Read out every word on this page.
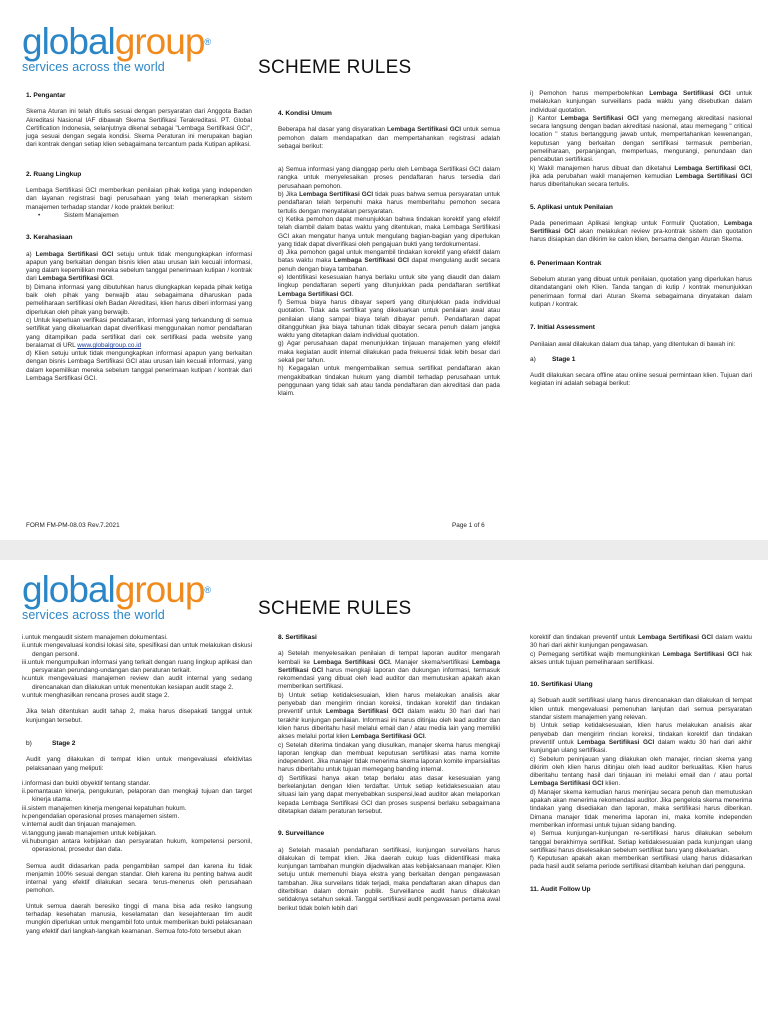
globalgroup®
services across the world	SCHEME RULES
1. Pengantar

Skema Aturan ini telah ditulis sesuai dengan persyaratan dari Anggota Badan Akreditasi Nasional IAF dibawah Skema Sertifikasi Terakreditasi. PT. Global Certification Indonesia, selanjutnya dikenal sebagai "Lembaga Sertifikasi GCI", juga sesuai dengan segala kondisi. Skema Peraturan ini merupakan bagian dari kontrak dengan setiap klien sebagaimana tercantum pada Kutipan aplikasi.

2. Ruang Lingkup

Lembaga Sertifikasi GCI memberikan penilaian pihak ketiga yang independen dan layanan registrasi bagi perusahaan yang telah menerapkan sistem manajemen terhadap standar / kode praktek berikut:

•	Sistem Manajemen
3. Kerahasiaan

a) Lembaga Sertifikasi GCI setuju untuk tidak mengungkapkan informasi apapun yang berkaitan dengan bisnis klien atau urusan lain kecuali informasi, yang dalam kepemilikan mereka sebelum tanggal penerimaan kutipan / kontrak dari Lembaga Sertifikasi GCI.

b) Dimana informasi yang dibutuhkan harus diungkapkan kepada pihak ketiga baik oleh pihak yang berwajib atau sebagaimana diharuskan pada pemeliharaan sertifikasi oleh Badan Akreditasi, klien harus diberi informasi yang diperlukan oleh pihak yang berwajib.

c) Untuk keperluan verifikasi pendaftaran, informasi yang terkandung di semua sertifikat yang dikeluarkan dapat diverifikasi menggunakan nomor pendaftaran yang ditampilkan pada sertifikat dari cek sertifikasi pada website yang beralamat di URL www.globalgroup.co.id

d) Klien setuju untuk tidak mengungkapkan informasi apapun yang berkaitan dengan bisnis Lembaga Sertifikasi GCI atau urusan lain kecuali informasi, yang dalam kepemilikan mereka sebelum tanggal penerimaan kutipan / kontrak dari Lembaga Sertifikasi GCI.

4. Kondisi Umum

Beberapa hal dasar yang disyaratkan Lembaga Sertifikasi GCI untuk semua pemohon dalam mendapatkan dan mempertahankan registrasi adalah sebagai berikut:

a) Semua informasi yang dianggap perlu oleh Lembaga Sertifikasi GCI dalam rangka untuk menyelesaikan proses pendaftaran harus tersedia dari perusahaan pemohon.

b) Jika Lembaga Sertifikasi GCI tidak puas bahwa semua persyaratan untuk pendaftaran telah terpenuhi maka harus memberitahu pemohon secara tertulis dengan menyatakan persyaratan.

c) Ketika pemohon dapat menunjukkan bahwa tindakan korektif yang efektif telah diambil dalam batas waktu yang ditentukan, maka Lembaga Sertifikasi GCI akan mengatur hanya untuk mengulang bagian-bagian yang diperlukan yang tidak dapat diverifikasi oleh pengajuan bukti yang terdokumentasi.

d) Jika pemohon gagal untuk mengambil tindakan korektif yang efektif dalam batas waktu maka Lembaga Sertifikasi GCI dapat mengulang audit secara penuh dengan biaya tambahan.

e) Identifikasi kesesuaian hanya berlaku untuk site yang diaudit dan dalam lingkup pendaftaran seperti yang ditunjukkan pada pendaftaran sertifikat Lembaga Sertifikasi GCI.

f) Semua biaya harus dibayar seperti yang ditunjukkan pada individual quotation. Tidak ada sertifikat yang dikeluarkan untuk penilaian awal atau penilaian ulang sampai biaya telah dibayar penuh. Pendaftaran dapat ditangguhkan jika biaya tahunan tidak dibayar secara penuh dalam jangka waktu yang ditetapkan dalam individual quotation.

g) Agar perusahaan dapat menunjukkan tinjauan manajemen yang efektif maka kegiatan audit internal dilakukan pada frekuensi tidak lebih besar dari sekali per tahun.

h) Kegagalan untuk mengembalikan semua sertifikat pendaftaran akan mengakibatkan tindakan hukum yang diambil terhadap perusahaan untuk penggunaan yang tidak sah atau tanda pendaftaran dan akreditasi dan pada klaim.

i) Pemohon harus memperbolehkan Lembaga Sertifikasi GCI untuk melakukan kunjungan surveillans pada waktu yang disebutkan dalam individual quotation.

j) Kantor Lembaga Sertifikasi GCI yang memegang akreditasi nasional secara langsung dengan badan akreditasi nasional, atau memegang " critical location " status bertanggung jawab untuk, mempertahankan kewenangan, keputusan yang berkaitan dengan sertifikasi termasuk pemberian, pemeliharaan, perpanjangan, memperluas, mengurangi, penundaan dan pencabutan sertifikasi.

k) Wakil manajemen harus dibuat dan diketahui Lembaga Sertifikasi GCI, jika ada perubahan wakil manajemen kemudian Lembaga Sertifikasi GCI harus diberitahukan secara tertulis.

5. Aplikasi untuk Penilaian

Pada penerimaan Aplikasi lengkap untuk Formulir Quotation, Lembaga Sertifikasi GCI akan melakukan review pra-kontrak sistem dan quotation harus disiapkan dan dikirim ke calon klien, bersama dengan Aturan Skema.

6. Penerimaan Kontrak

Sebelum aturan yang dibuat untuk penilaian, quotation yang diperlukan harus ditandatangani oleh Klien. Tanda tangan di kutip / kontrak menunjukkan penerimaan formal dari Aturan Skema sebagaimana dinyatakan dalam kutipan / kontrak.

7. Initial Assessment

Penilaian awal dilakukan dalam dua tahap, yang ditentukan di bawah ini:

a) Stage 1

Audit dilakukan secara offline atau online sesuai permintaan klien. Tujuan dari kegiatan ini adalah sebagai berikut:

FORM FM-PM-08.03 Rev.7.2021	Page 1 of 6
globalgroup®
services across the world	SCHEME RULES
i.untuk mengaudit sistem manajemen dokumentasi.
ii.untuk mengevaluasi kondisi lokasi site, spesifikasi dan untuk melakukan diskusi dengan personil.
iii.untuk mengumpulkan informasi yang terkait dengan ruang lingkup aplikasi dan persyaratan perundang-undangan dan peraturan terkait.
iv.untuk mengevaluasi manajemen review dan audit internal yang sedang direncanakan dan dilakukan untuk menentukan kesiapan audit stage 2.
v.untuk menghasilkan rencana proses audit stage 2.

Jika telah ditentukan audit tahap 2, maka harus disepakati tanggal untuk kunjungan tersebut.

b)	Stage 2

Audit yang dilakukan di tempat klien untuk mengevaluasi efektivitas pelaksanaan yang meliputi:

i.informasi dan bukti obyektif tentang standar.
ii.pemantauan kinerja, pengukuran, pelaporan dan mengkaji tujuan dan target kinerja utama.
iii.sistem manajemen kinerja mengenai kepatuhan hukum.
iv.pengendalian operasional proses manajemen sistem.
v.internal audit dan tinjauan manajemen.
vi.tanggung jawab manajemen untuk kebijakan.
vii.hubungan antara kebijakan dan persyaratan hukum, kompetensi personil, operasional, prosedur dan data.

Semua audit didasarkan pada pengambilan sampel dan karena itu tidak menjamin 100% sesuai dengan standar. Oleh karena itu penting bahwa audit internal yang efektif dilakukan secara terus-menerus oleh perusahaan pemohon.

Untuk semua daerah beresiko tinggi di mana bisa ada resiko langsung terhadap kesehatan manusia, keselamatan dan kesejahteraan tim audit mungkin diperlukan untuk mengambil foto untuk memberikan bukti pelaksanaan yang efektif dari langkah-langkah keamanan. Semua foto-foto tersebut akan

8. Sertifikasi

a) Setelah menyelesaikan penilaian di tempat laporan auditor mengarah kembali ke Lembaga Sertifikasi GCI. Manajer skema/sertifikasi Lembaga Sertifikasi GCI harus mengkaji laporan dan dukungan informasi, termasuk rekomendasi yang dibuat oleh lead auditor dan memutuskan apakah akan memberikan sertifikasi.

b) Untuk setiap ketidaksesuaian, klien harus melakukan analisis akar penyebab dan mengirim rincian koreksi, tindakan korektif dan tindakan preventif untuk Lembaga Sertifikasi GCI dalam waktu 30 hari dari hari terakhir kunjungan penilaian. Informasi ini harus ditinjau oleh lead auditor dan klien harus diberitahu hasil melalui email dan / atau media lain yang memiliki akses melalui portal klien Lembaga Sertifikasi GCI.

c) Setelah diterima tindakan yang diusulkan, manajer skema harus mengkaji laporan lengkap dan membuat keputusan sertifikasi atas nama komite independent. Jika manajer tidak menerima skema laporan komite imparsialitas harus diberitahu untuk tujuan memegang banding internal.

d) Sertifikasi hanya akan tetap berlaku atas dasar kesesuaian yang berkelanjutan dengan klien terdaftar. Untuk setiap ketidaksesuaian atau situasi lain yang dapat menyebabkan suspensi,lead auditor akan melaporkan kepada Lembaga Sertifikasi GCI dan proses suspensi berlaku sebagaimana ditetapkan dalam peraturan tersebut.

9. Surveillance

a) Setelah masalah pendaftaran sertifikasi, kunjungan surveilans harus dilakukan di tempat klien. Jika daerah cukup luas diidentifikasi maka kunjungan tambahan mungkin dijadwalkan atas kebijaksanaan manajer. Klien setuju untuk memenuhi biaya ekstra yang berkaitan dengan pengawasan tambahan. Jika surveilans tidak terjadi, maka pendaftaran akan dihapus dan diterbitkan dalam domain publik. Surveillance audit harus dilakukan setidaknya setahun sekali. Tanggal sertifikasi audit pengawasan pertama awal berikut tidak boleh lebih dari

korektif dan tindakan preventif untuk Lembaga Sertifikasi GCI dalam waktu 30 hari dari akhir kunjungan pengawasan.

c) Pemegang sertifikat wajib memungkinkan Lembaga Sertifikasi GCI hak akses untuk tujuan pemeliharaan sertifikasi.

10. Sertifikasi Ulang

a) Sebuah audit sertifikasi ulang harus direncanakan dan dilakukan di tempat klien untuk mengevaluasi pemenuhan lanjutan dari semua persyaratan standar sistem manajemen yang relevan.

b) Untuk setiap ketidaksesuaian, klien harus melakukan analisis akar penyebab dan mengirim rincian koreksi, tindakan korektif dan tindakan preventif untuk Lembaga Sertifikasi GCI dalam waktu 30 hari dari akhir kunjungan ulang sertifikasi.

c) Sebelum peninjauan yang dilakukan oleh manajer, rincian skema yang dikirim oleh klien harus ditinjau oleh lead auditor berkualitas. Klien harus diberitahu tentang hasil dari tinjauan ini melalui email dan / atau portal Lembaga Sertifikasi GCI klien.

d) Manajer skema kemudian harus meninjau secara penuh dan memutuskan apakah akan menerima rekomendasi auditor. Jika pengelola skema menerima tindakan yang disediakan dan laporan, maka sertifikasi harus diberikan. Dimana manajer tidak menerima laporan ini, maka komite independen memberikan informasi untuk tujuan sidang banding.

e) Semua kunjungan-kunjungan re-sertifikasi harus dilakukan sebelum tanggal berakhirnya sertifikat. Setiap ketidaksesuaian pada kunjungan ulang sertifikasi harus diselesaikan sebelum sertifikat baru yang dikeluarkan.

f) Keputusan apakah akan memberikan sertifikasi ulang harus didasarkan pada hasil audit selama periode sertifikasi ditambah keluhan dari pengguna.

11. Audit Follow Up
